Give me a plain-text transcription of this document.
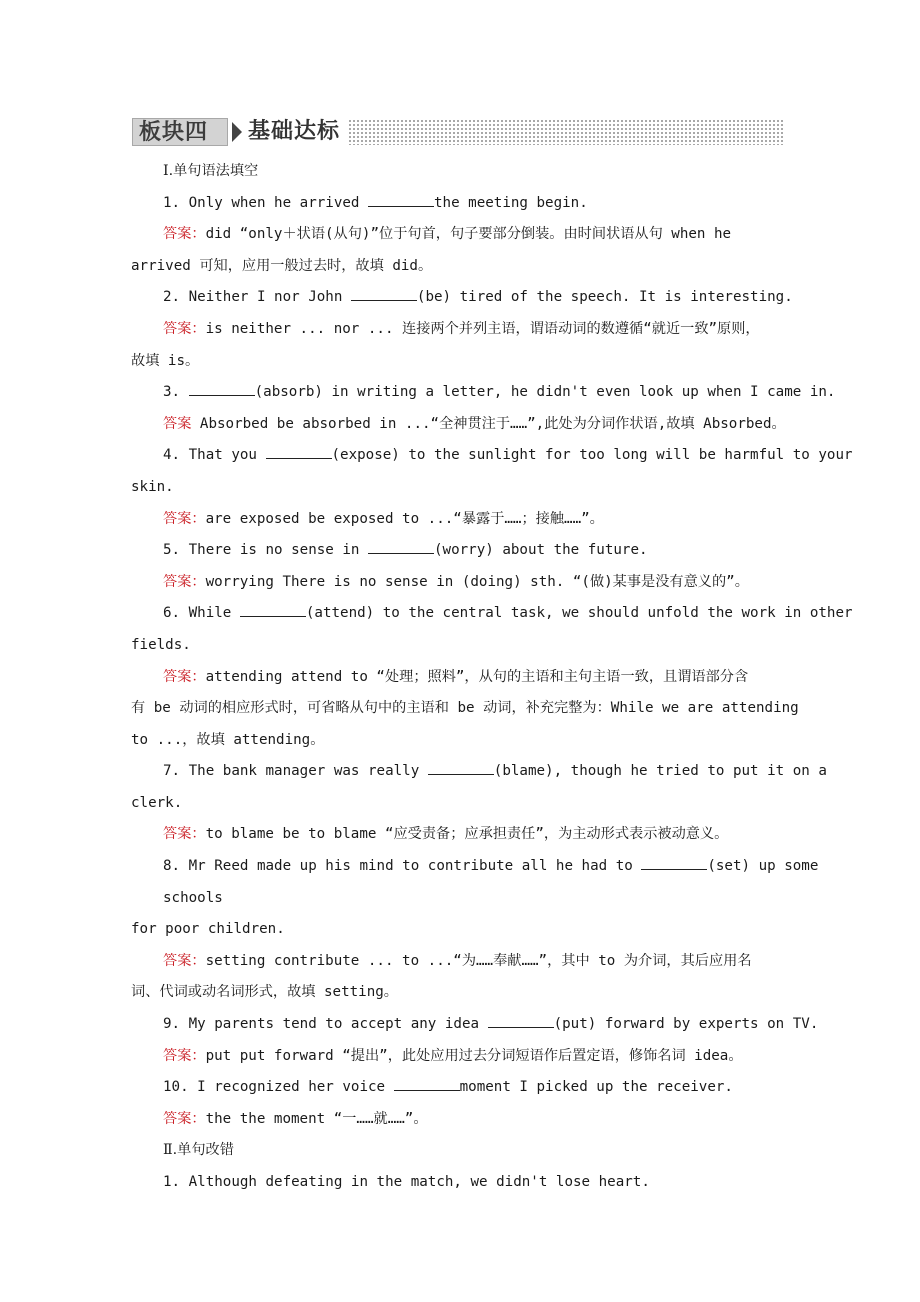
板块四	基础达标

Ⅰ.单句语法填空

1. Only when he arrived	the meeting begin.

答案：did “only＋状语(从句)”位于句首，句子要部分倒装。由时间状语从句 when he

arrived 可知，应用一般过去时，故填 did。

2. Neither I nor John	(be) tired of the speech. It is interesting.

答案：is neither ... nor ... 连接两个并列主语，谓语动词的数遵循“就近一致”原则，

故填 is。

3.	(absorb) in writing a letter, he didn't even look up when I came in.

答案 Absorbed be absorbed in ...“全神贯注于……”,此处为分词作状语,故填 Absorbed。

4. That you	(expose) to the sunlight for too long will be harmful to your

skin.

答案：are exposed be exposed to ...“暴露于……；接触……”。

5. There is no sense in	(worry) about the future.

答案：worrying There is no sense in (doing) sth. “(做)某事是没有意义的”。

6. While	(attend) to the central task, we should unfold the work in other

fields.

答案：attending attend to “处理；照料”，从句的主语和主句主语一致，且谓语部分含

有 be 动词的相应形式时，可省略从句中的主语和 be 动词，补充完整为：While we are attending

to ...，故填 attending。

7. The bank manager was really	(blame), though he tried to put it on a

clerk.

答案：to blame be to blame “应受责备；应承担责任”，为主动形式表示被动意义。

8. Mr Reed made up his mind to contribute all he had to	(set) up some schools

for poor children.

答案：setting contribute ... to ...“为……奉献……”，其中 to 为介词，其后应用名

词、代词或动名词形式，故填 setting。

9. My parents tend to accept any idea	(put) forward by experts on TV.

答案：put put forward “提出”，此处应用过去分词短语作后置定语，修饰名词 idea。

10. I recognized her voice	moment I picked up the receiver.

答案：the the moment “一……就……”。

Ⅱ.单句改错

1. Although defeating in the match, we didn't lose heart.
